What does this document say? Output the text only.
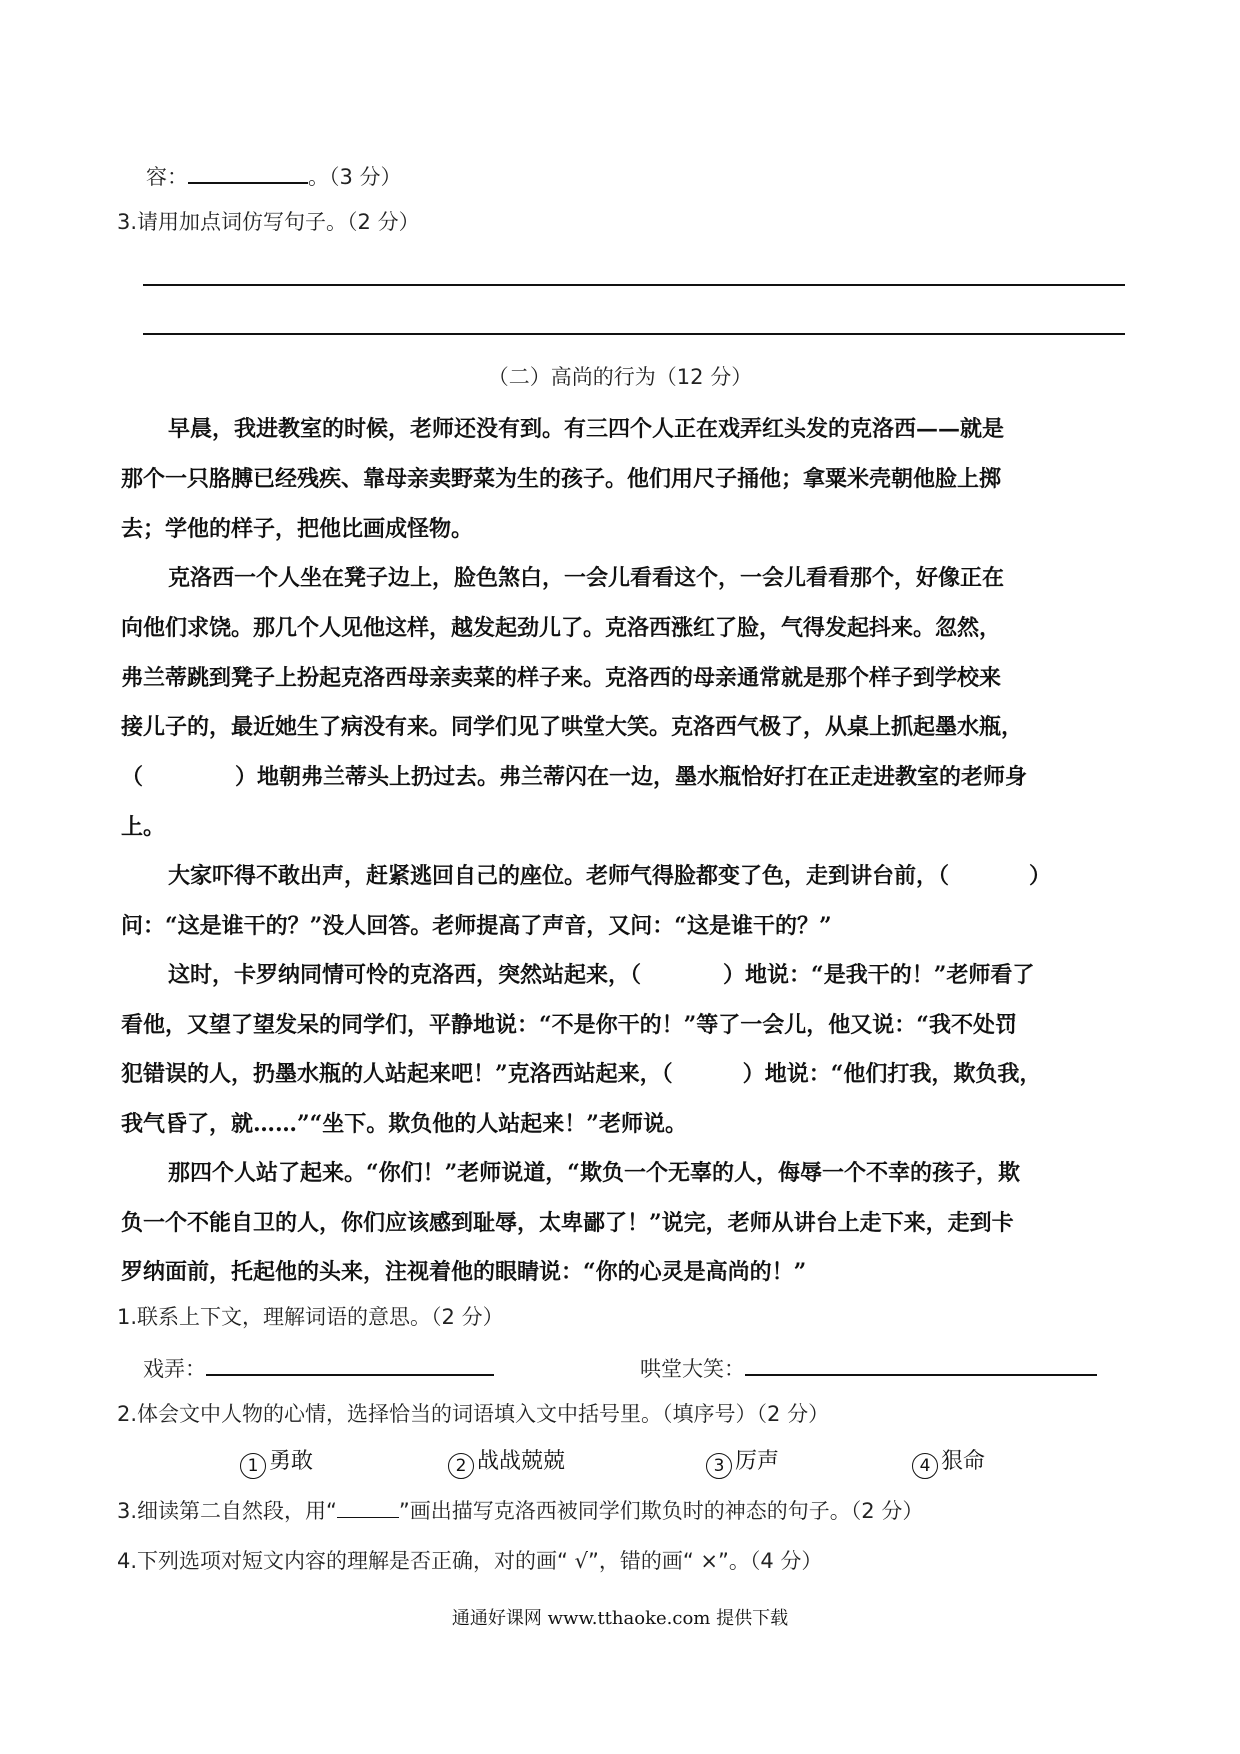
容：	。（3 分）
3.请用加点词仿写句子。（2 分）
（二）高尚的行为（12 分）
早晨，我进教室的时候，老师还没有到。有三四个人正在戏弄红头发的克洛西——就是
那个一只胳膊已经残疾、靠母亲卖野菜为生的孩子。他们用尺子捅他；拿粟米壳朝他脸上掷
去；学他的样子，把他比画成怪物。
克洛西一个人坐在凳子边上，脸色煞白，一会儿看看这个，一会儿看看那个，好像正在
向他们求饶。那几个人见他这样，越发起劲儿了。克洛西涨红了脸，气得发起抖来。忽然，
弗兰蒂跳到凳子上扮起克洛西母亲卖菜的样子来。克洛西的母亲通常就是那个样子到学校来
接儿子的，最近她生了病没有来。同学们见了哄堂大笑。克洛西气极了，从桌上抓起墨水瓶，
（	）地朝弗兰蒂头上扔过去。弗兰蒂闪在一边，墨水瓶恰好打在正走进教室的老师身
上。
大家吓得不敢出声，赶紧逃回自己的座位。老师气得脸都变了色，走到讲台前，（	）
问：“这是谁干的？”没人回答。老师提高了声音，又问：“这是谁干的？”
这时，卡罗纳同情可怜的克洛西，突然站起来，（	）地说：“是我干的！”老师看了
看他，又望了望发呆的同学们，平静地说：“不是你干的！”等了一会儿，他又说：“我不处罚
犯错误的人，扔墨水瓶的人站起来吧！”克洛西站起来，（	）地说：“他们打我，欺负我，
我气昏了，就……”“坐下。欺负他的人站起来！”老师说。
那四个人站了起来。“你们！”老师说道，“欺负一个无辜的人，侮辱一个不幸的孩子，欺
负一个不能自卫的人，你们应该感到耻辱，太卑鄙了！”说完，老师从讲台上走下来，走到卡
罗纳面前，托起他的头来，注视着他的眼睛说：“你的心灵是高尚的！”
1.联系上下文，理解词语的意思。（2 分）
戏弄：	哄堂大笑：
2.体会文中人物的心情，选择恰当的词语填入文中括号里。（填序号）（2 分）
1 勇敢	2 战战兢兢	3 厉声	4 狠命
3.细读第二自然段，用“	”画出描写克洛西被同学们欺负时的神态的句子。（2 分）
4.下列选项对短文内容的理解是否正确，对的画“ √”，错的画“ ×”。（4 分）
通通好课网 www.tthaoke.com 提供下载
